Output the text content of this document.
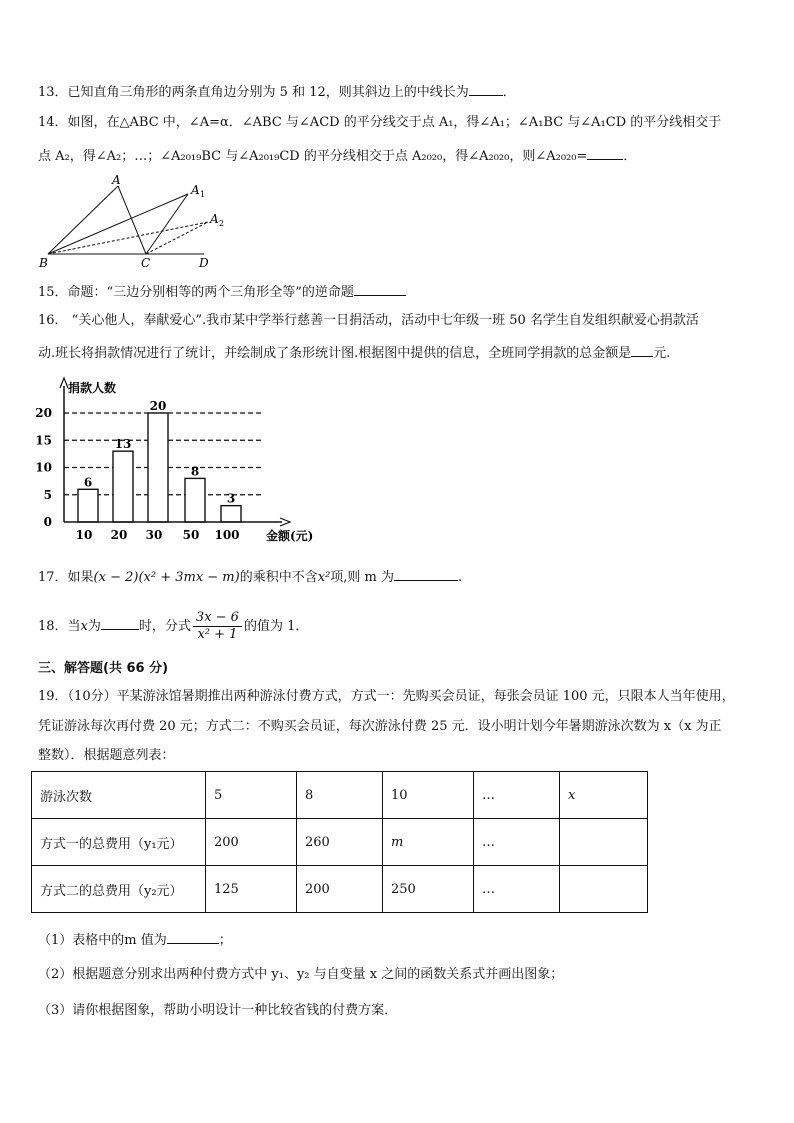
13．已知直角三角形的两条直角边分别为 5 和 12，则其斜边上的中线长为	．
14．如图，在△ABC 中，∠A=α．∠ABC 与∠ACD 的平分线交于点 A₁，得∠A₁；∠A₁BC 与∠A₁CD 的平分线相交于
点 A₂，得∠A₂；…；∠A₂₀₁₉BC 与∠A₂₀₁₉CD 的平分线相交于点 A₂₀₂₀，得∠A₂₀₂₀，则∠A₂₀₂₀=	．
A
A 1
A 2
B	C	D
15．命题：“三边分别相等的两个三角形全等”的逆命题
16． “关心他人，奉献爱心”.我市某中学举行慈善一日捐活动，活动中七年级一班 50 名学生自发组织献爱心捐款活
动.班长将捐款情况进行了统计，并绘制成了条形统计图.根据图中提供的信息，全班同学捐款的总金额是 元.
0
5
10
15
20
6
10
13
20
20
30
8
50
3
100
捐款人数
金额(元)
17．如果(x − 2)(x² + 3mx − m)的乘积中不含x²项,则 m 为	.
18．当x为	时，分式 $\frac{3x - 6}{\text{x² + 1}}$ 的值为 1．
三、解答题(共 66 分)
19．（10分）平某游泳馆暑期推出两种游泳付费方式，方式一：先购买会员证，每张会员证 100 元，只限本人当年使用，
凭证游泳每次再付费 20 元；方式二：不购买会员证，每次游泳付费 25 元．设小明计划今年暑期游泳次数为 x（x 为正
整数）．根据题意列表：
游泳次数	5	8	10	…	x
方式一的总费用（y₁元）	200	260	m	…	
方式二的总费用（y₂元）	125	200	250	…	
（1）表格中的m 值为	；
（2）根据题意分别求出两种付费方式中 y₁、y₂ 与自变量 x 之间的函数关系式并画出图象；
（3）请你根据图象，帮助小明设计一种比较省钱的付费方案．
